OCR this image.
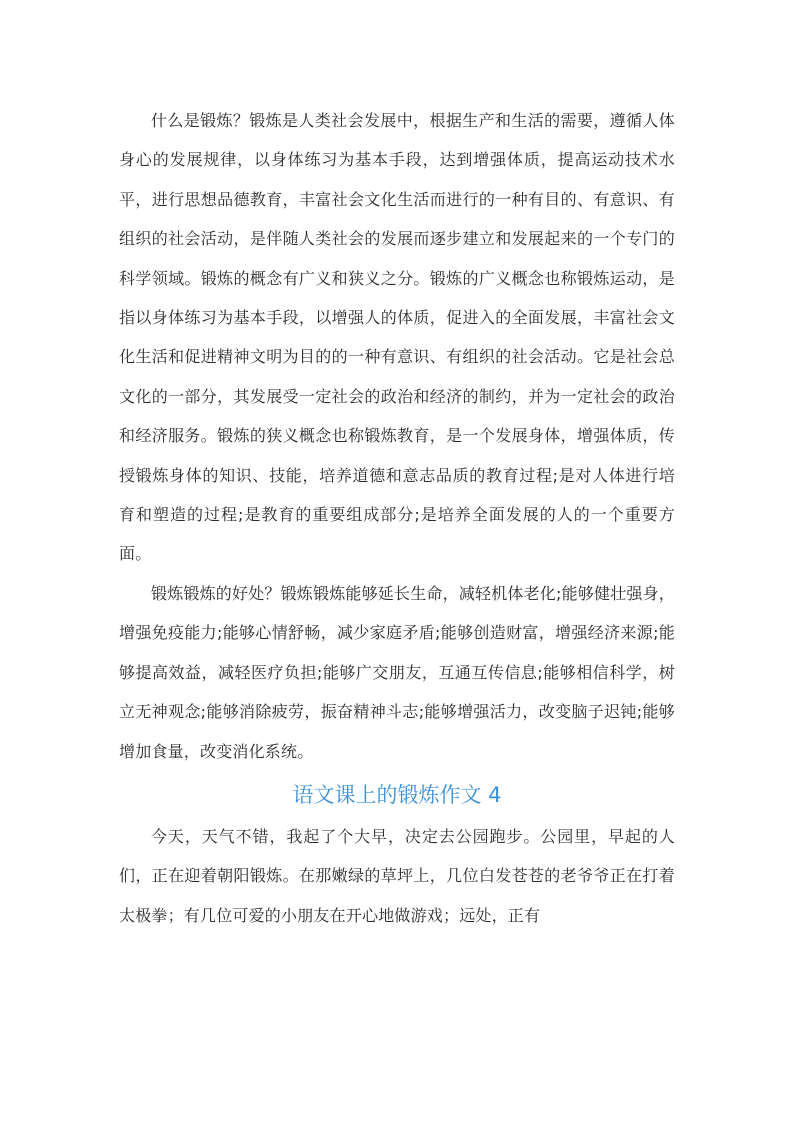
什么是锻炼？锻炼是人类社会发展中，根据生产和生活的需要，遵循人体身心的发展规律，以身体练习为基本手段，达到增强体质，提高运动技术水平，进行思想品德教育，丰富社会文化生活而进行的一种有目的、有意识、有组织的社会活动，是伴随人类社会的发展而逐步建立和发展起来的一个专门的科学领域。锻炼的概念有广义和狭义之分。锻炼的广义概念也称锻炼运动，是指以身体练习为基本手段，以增强人的体质，促进入的全面发展，丰富社会文化生活和促进精神文明为目的的一种有意识、有组织的社会活动。它是社会总文化的一部分，其发展受一定社会的政治和经济的制约，并为一定社会的政治和经济服务。锻炼的狭义概念也称锻炼教育，是一个发展身体，增强体质，传授锻炼身体的知识、技能，培养道德和意志品质的教育过程;是对人体进行培育和塑造的过程;是教育的重要组成部分;是培养全面发展的人的一个重要方面。

锻炼锻炼的好处？锻炼锻炼能够延长生命，减轻机体老化;能够健壮强身，增强免疫能力;能够心情舒畅，减少家庭矛盾;能够创造财富，增强经济来源;能够提高效益，减轻医疗负担;能够广交朋友，互通互传信息;能够相信科学，树立无神观念;能够消除疲劳，振奋精神斗志;能够增强活力，改变脑子迟钝;能够增加食量，改变消化系统。

语文课上的锻炼作文 4

今天，天气不错，我起了个大早，决定去公园跑步。公园里，早起的人们，正在迎着朝阳锻炼。在那嫩绿的草坪上，几位白发苍苍的老爷爷正在打着太极拳；有几位可爱的小朋友在开心地做游戏；远处，正有
